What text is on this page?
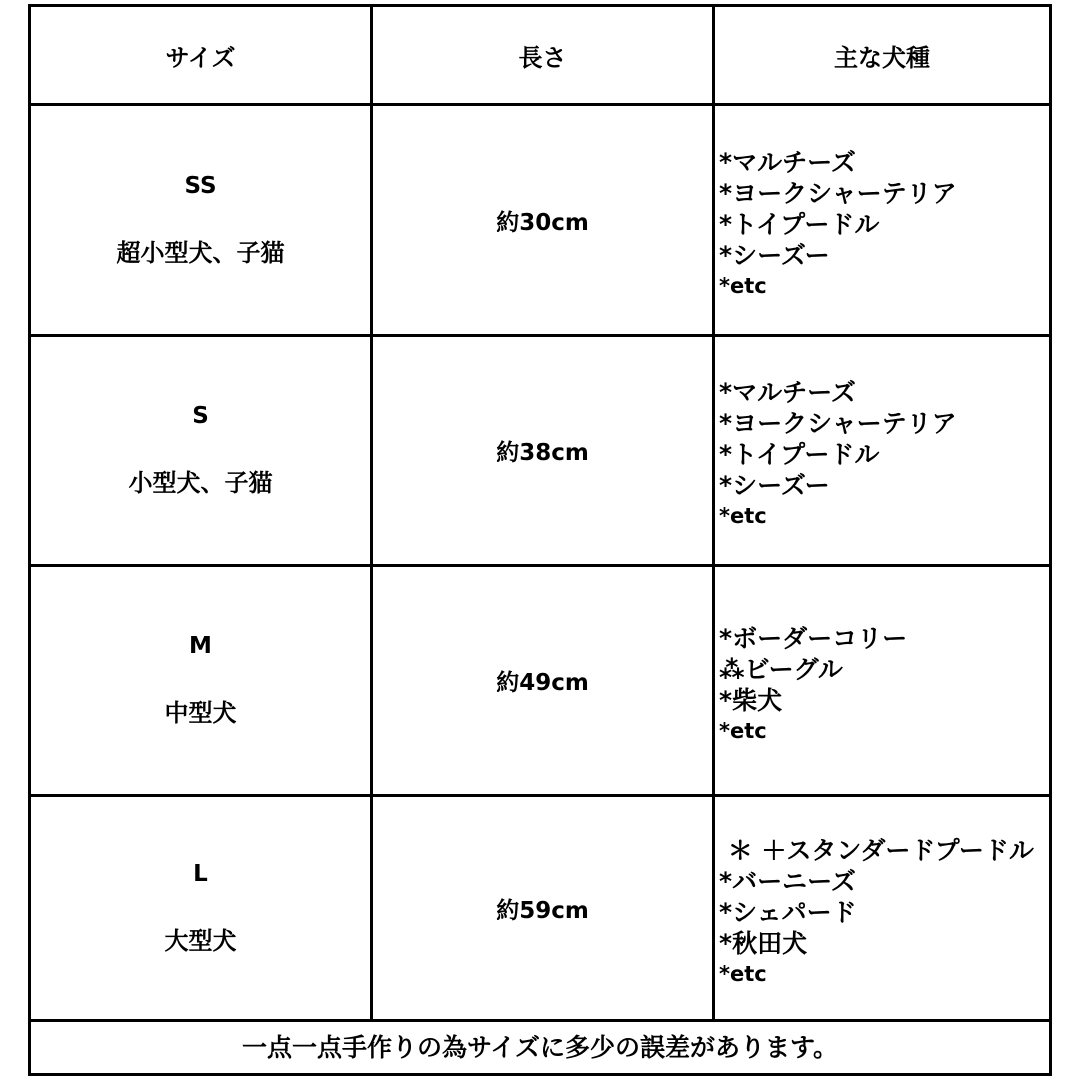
サイズ	長さ	主な犬種
SS
超小型犬、子猫
約30cm
*マルチーズ
*ヨークシャーテリア
*トイプードル
*シーズー
*etc
S
小型犬、子猫
約38cm
*マルチーズ
*ヨークシャーテリア
*トイプードル
*シーズー
*etc
M
中型犬
約49cm
*ボーダーコリー
⁂ビーグル
*柴犬
*etc
L
大型犬
約59cm
＊ ＋スタンダードプードル
*バーニーズ
*シェパード
*秋田犬
*etc
一点一点手作りの為サイズに多少の誤差があります。
